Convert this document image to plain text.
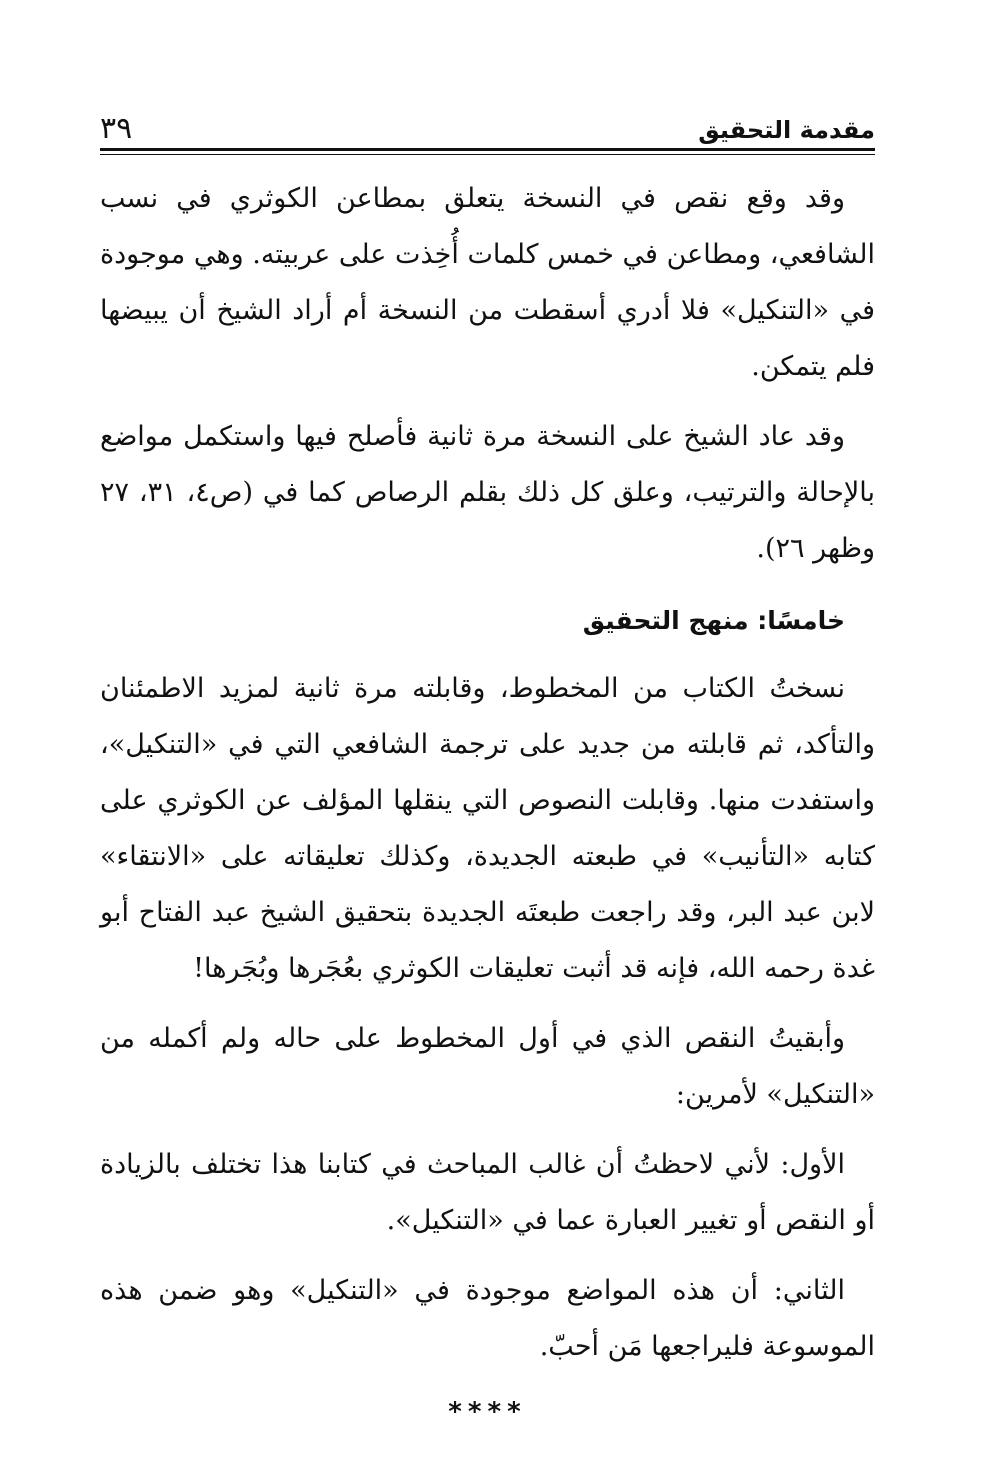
مقدمة التحقيق
٣٩

وقد وقع نقص في النسخة يتعلق بمطاعن الكوثري في نسب الشافعي، ومطاعن في خمس كلمات أُخِذت على عربيته. وهي موجودة في «التنكيل» فلا أدري أسقطت من النسخة أم أراد الشيخ أن يبيضها فلم يتمكن.

وقد عاد الشيخ على النسخة مرة ثانية فأصلح فيها واستكمل مواضع بالإحالة والترتيب، وعلق كل ذلك بقلم الرصاص كما في (ص٤، ٣١، ٢٧ وظهر ٢٦).

خامسًا: منهج التحقيق

نسختُ الكتاب من المخطوط، وقابلته مرة ثانية لمزيد الاطمئنان والتأكد، ثم قابلته من جديد على ترجمة الشافعي التي في «التنكيل»، واستفدت منها. وقابلت النصوص التي ينقلها المؤلف عن الكوثري على كتابه «التأنيب» في طبعته الجديدة، وكذلك تعليقاته على «الانتقاء» لابن عبد البر، وقد راجعت طبعتَه الجديدة بتحقيق الشيخ عبد الفتاح أبو غدة رحمه الله، فإنه قد أثبت تعليقات الكوثري بعُجَرها وبُجَرها!

وأبقيتُ النقص الذي في أول المخطوط على حاله ولم أكمله من «التنكيل» لأمرين:

الأول: لأني لاحظتُ أن غالب المباحث في كتابنا هذا تختلف بالزيادة أو النقص أو تغيير العبارة عما في «التنكيل».

الثاني: أن هذه المواضع موجودة في «التنكيل» وهو ضمن هذه الموسوعة فليراجعها مَن أحبّ.

****
